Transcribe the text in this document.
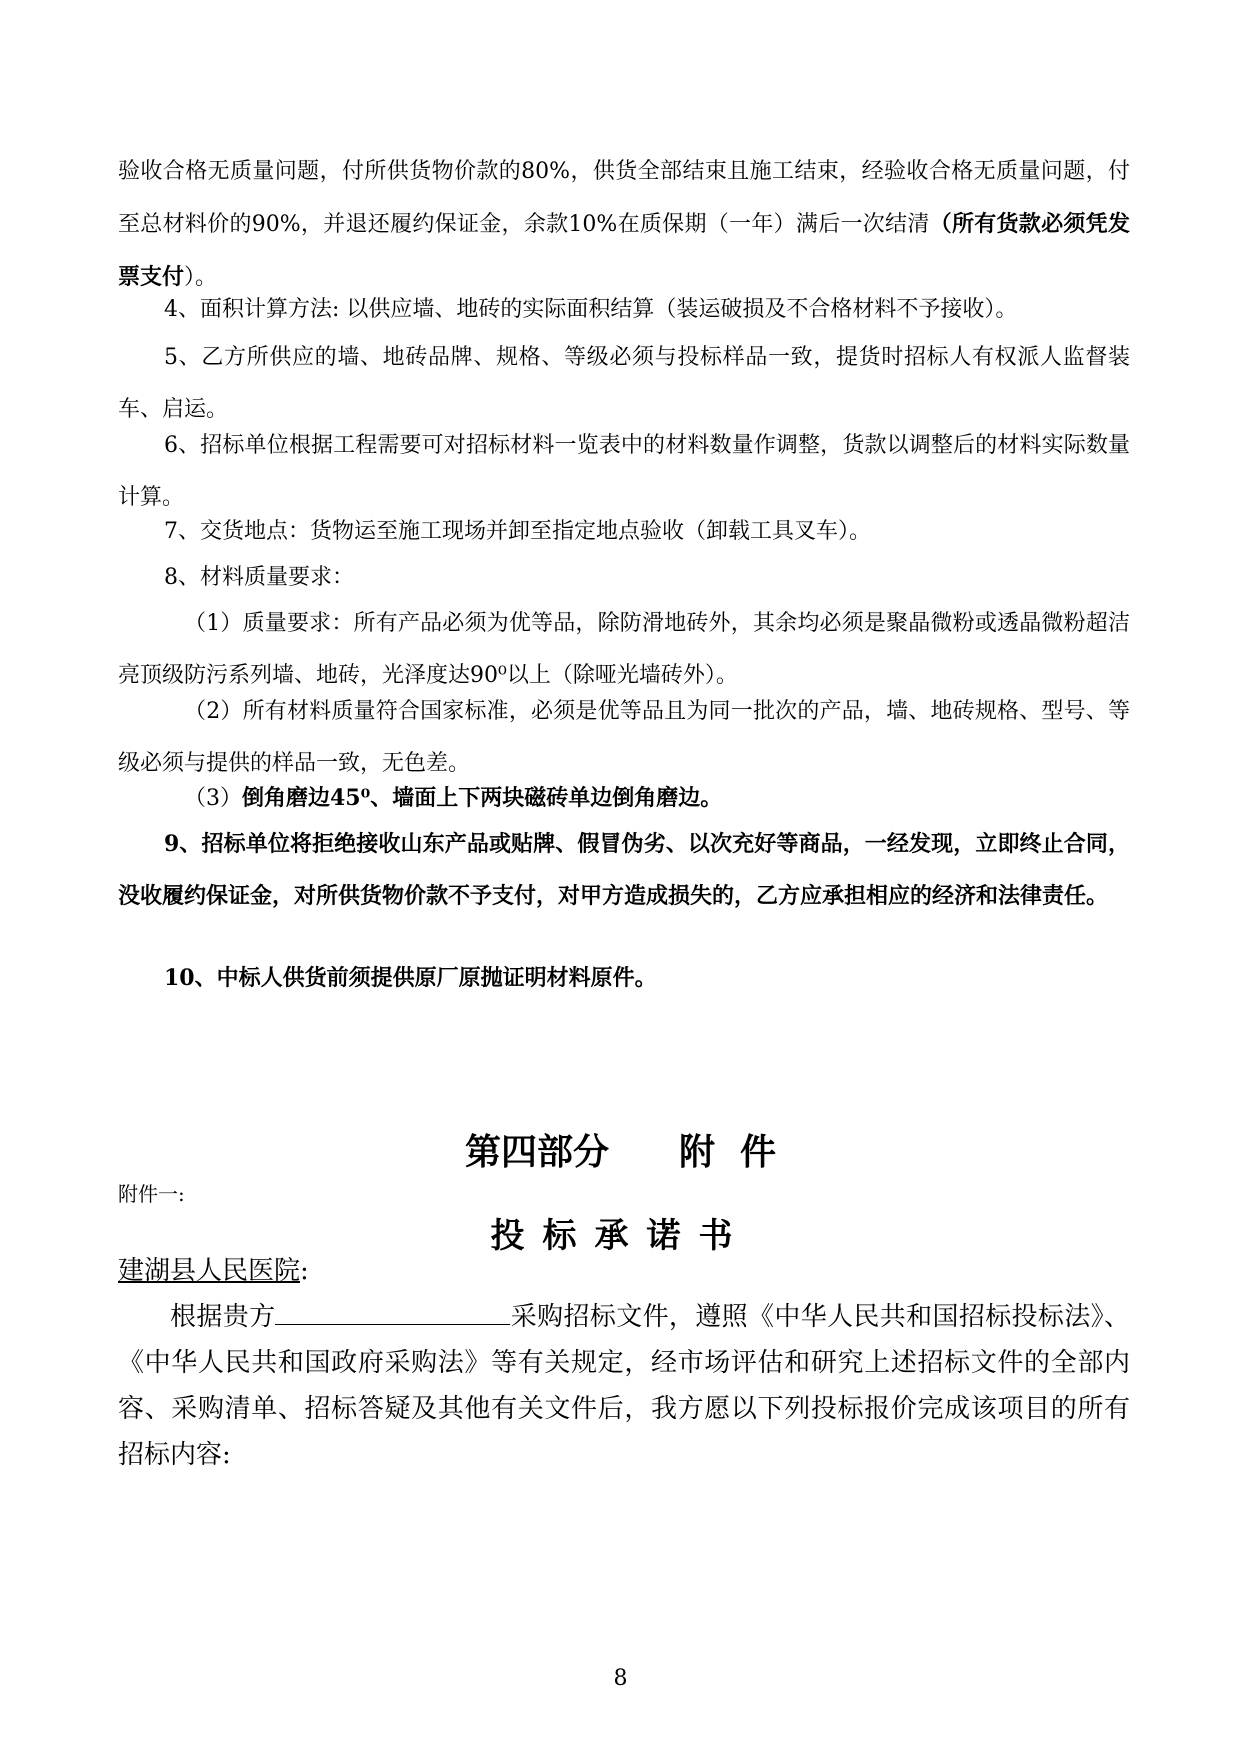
验收合格无质量问题，付所供货物价款的80%，供货全部结束且施工结束，经验收合格无质量问题，付至总材料价的90%，并退还履约保证金，余款10%在质保期（一年）满后一次结清（所有货款必须凭发票支付）。

4、面积计算方法: 以供应墙、地砖的实际面积结算（装运破损及不合格材料不予接收）。

5、乙方所供应的墙、地砖品牌、规格、等级必须与投标样品一致，提货时招标人有权派人监督装车、启运。

6、招标单位根据工程需要可对招标材料一览表中的材料数量作调整，货款以调整后的材料实际数量计算。

7、交货地点：货物运至施工现场并卸至指定地点验收（卸载工具叉车）。

8、材料质量要求：

（1）质量要求：所有产品必须为优等品，除防滑地砖外，其余均必须是聚晶微粉或透晶微粉超洁亮顶级防污系列墙、地砖，光泽度达90⁰以上（除哑光墙砖外）。

（2）所有材料质量符合国家标准，必须是优等品且为同一批次的产品，墙、地砖规格、型号、等级必须与提供的样品一致，无色差。

（3）倒角磨边45⁰、墙面上下两块磁砖单边倒角磨边。

9、招标单位将拒绝接收山东产品或贴牌、假冒伪劣、以次充好等商品，一经发现，立即终止合同，没收履约保证金，对所供货物价款不予支付，对甲方造成损失的，乙方应承担相应的经济和法律责任。

10、中标人供货前须提供原厂原抛证明材料原件。

第四部分 附  件

附件一:

投标承诺书

建湖县人民医院:

根据贵方	采购招标文件，遵照《中华人民共和国招标投标法》、《中华人民共和国政府采购法》等有关规定，经市场评估和研究上述招标文件的全部内容、采购清单、招标答疑及其他有关文件后，我方愿以下列投标报价完成该项目的所有招标内容:

8
